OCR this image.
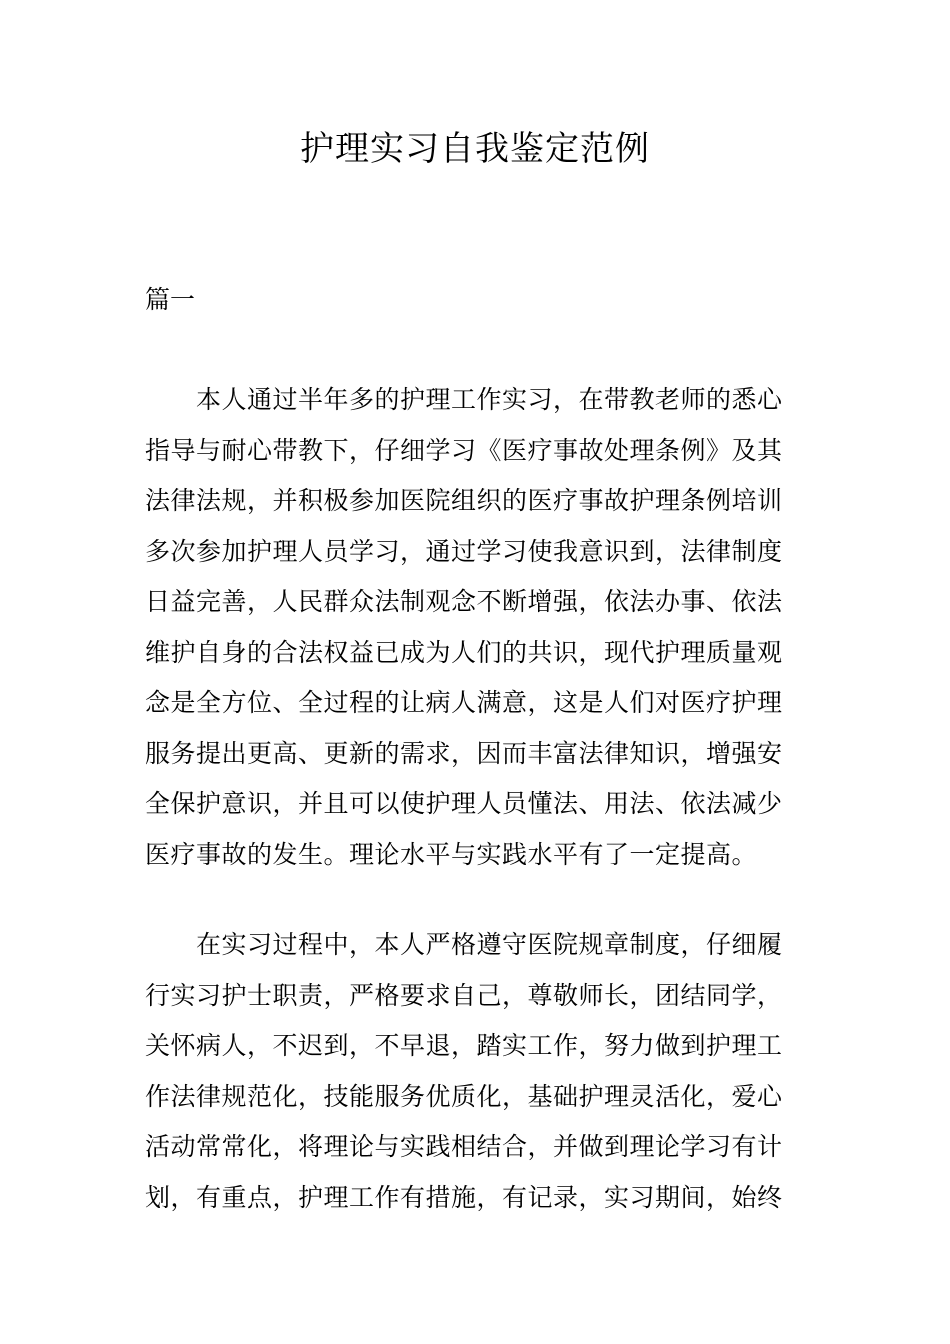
护理实习自我鉴定范例

篇一

　　本人通过半年多的护理工作实习，在带教老师的悉心
指导与耐心带教下，仔细学习《医疗事故处理条例》及其
法律法规，并积极参加医院组织的医疗事故护理条例培训
多次参加护理人员学习，通过学习使我意识到，法律制度
日益完善，人民群众法制观念不断增强，依法办事、依法
维护自身的合法权益已成为人们的共识，现代护理质量观
念是全方位、全过程的让病人满意，这是人们对医疗护理
服务提出更高、更新的需求，因而丰富法律知识，增强安
全保护意识，并且可以使护理人员懂法、用法、依法减少
医疗事故的发生。理论水平与实践水平有了一定提高。
　　在实习过程中，本人严格遵守医院规章制度，仔细履
行实习护士职责，严格要求自己，尊敬师长，团结同学，
关怀病人，不迟到，不早退，踏实工作，努力做到护理工
作法律规范化，技能服务优质化，基础护理灵活化，爱心
活动常常化，将理论与实践相结合，并做到理论学习有计
划，有重点，护理工作有措施，有记录，实习期间，始终
